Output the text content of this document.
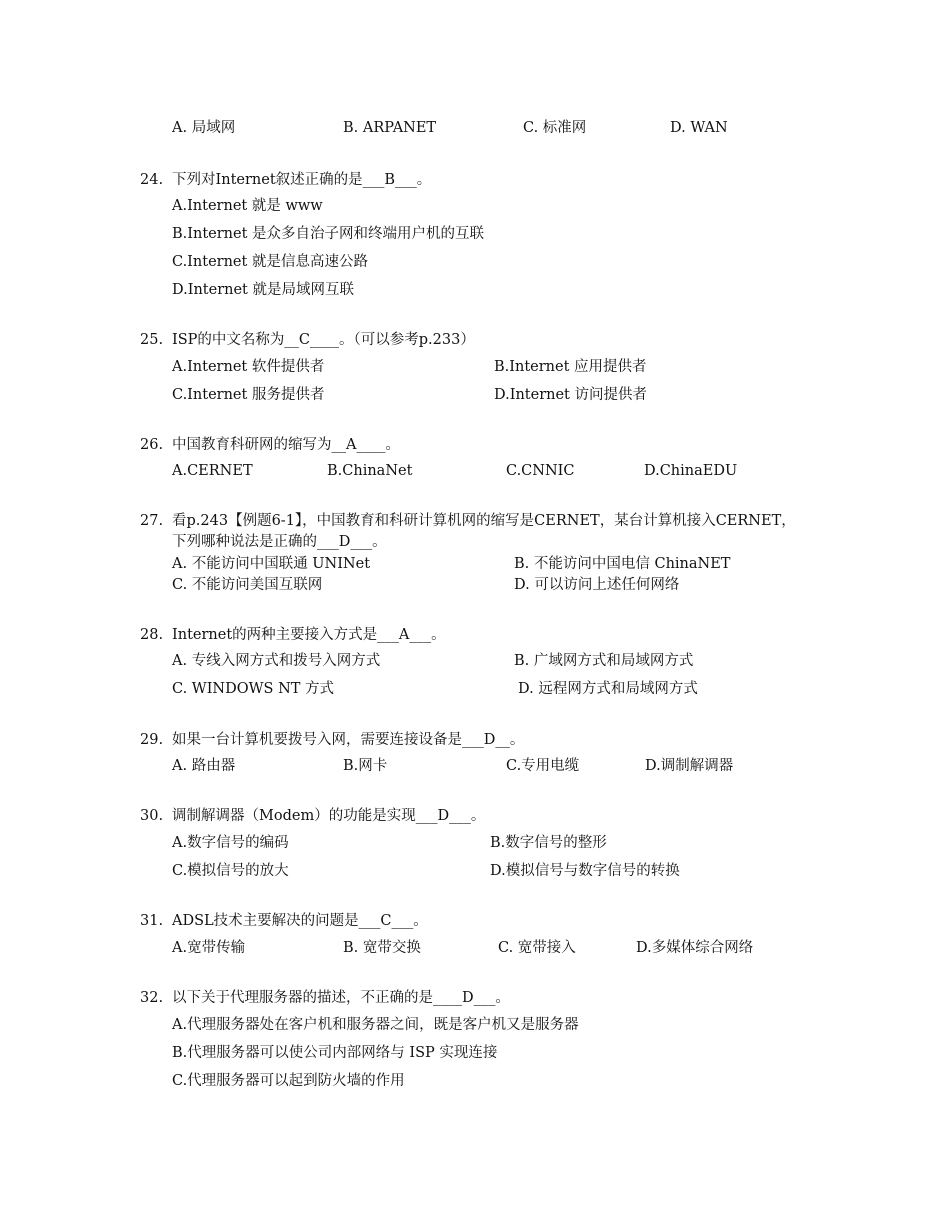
A. 局域网	B. ARPANET	C. 标准网	D. WAN
24. 下列对Internet叙述正确的是___B___。
A.Internet 就是 www
B.Internet 是众多自治子网和终端用户机的互联
C.Internet 就是信息高速公路
D.Internet 就是局域网互联
25. ISP的中文名称为__C____。（可以参考p.233）
A.Internet 软件提供者	B.Internet 应用提供者
C.Internet 服务提供者	D.Internet 访问提供者
26. 中国教育科研网的缩写为__A____。
A.CERNET	B.ChinaNet	C.CNNIC	D.ChinaEDU
27. 看p.243【例题6-1】，中国教育和科研计算机网的缩写是CERNET，某台计算机接入CERNET，
下列哪种说法是正确的___D___。
A. 不能访问中国联通 UNINet	B. 不能访问中国电信 ChinaNET
C. 不能访问美国互联网	D. 可以访问上述任何网络
28. Internet的两种主要接入方式是___A___。
A. 专线入网方式和拨号入网方式	B. 广域网方式和局域网方式
C. WINDOWS NT 方式	D. 远程网方式和局域网方式
29. 如果一台计算机要拨号入网，需要连接设备是___D__。
A. 路由器	B.网卡	C.专用电缆	D.调制解调器
30. 调制解调器（Modem）的功能是实现___D___。
A.数字信号的编码	B.数字信号的整形
C.模拟信号的放大	D.模拟信号与数字信号的转换
31. ADSL技术主要解决的问题是___C___。
A.宽带传输	B. 宽带交换	C. 宽带接入	D.多媒体综合网络
32. 以下关于代理服务器的描述，不正确的是____D___。
A.代理服务器处在客户机和服务器之间，既是客户机又是服务器
B.代理服务器可以使公司内部网络与 ISP 实现连接
C.代理服务器可以起到防火墙的作用
